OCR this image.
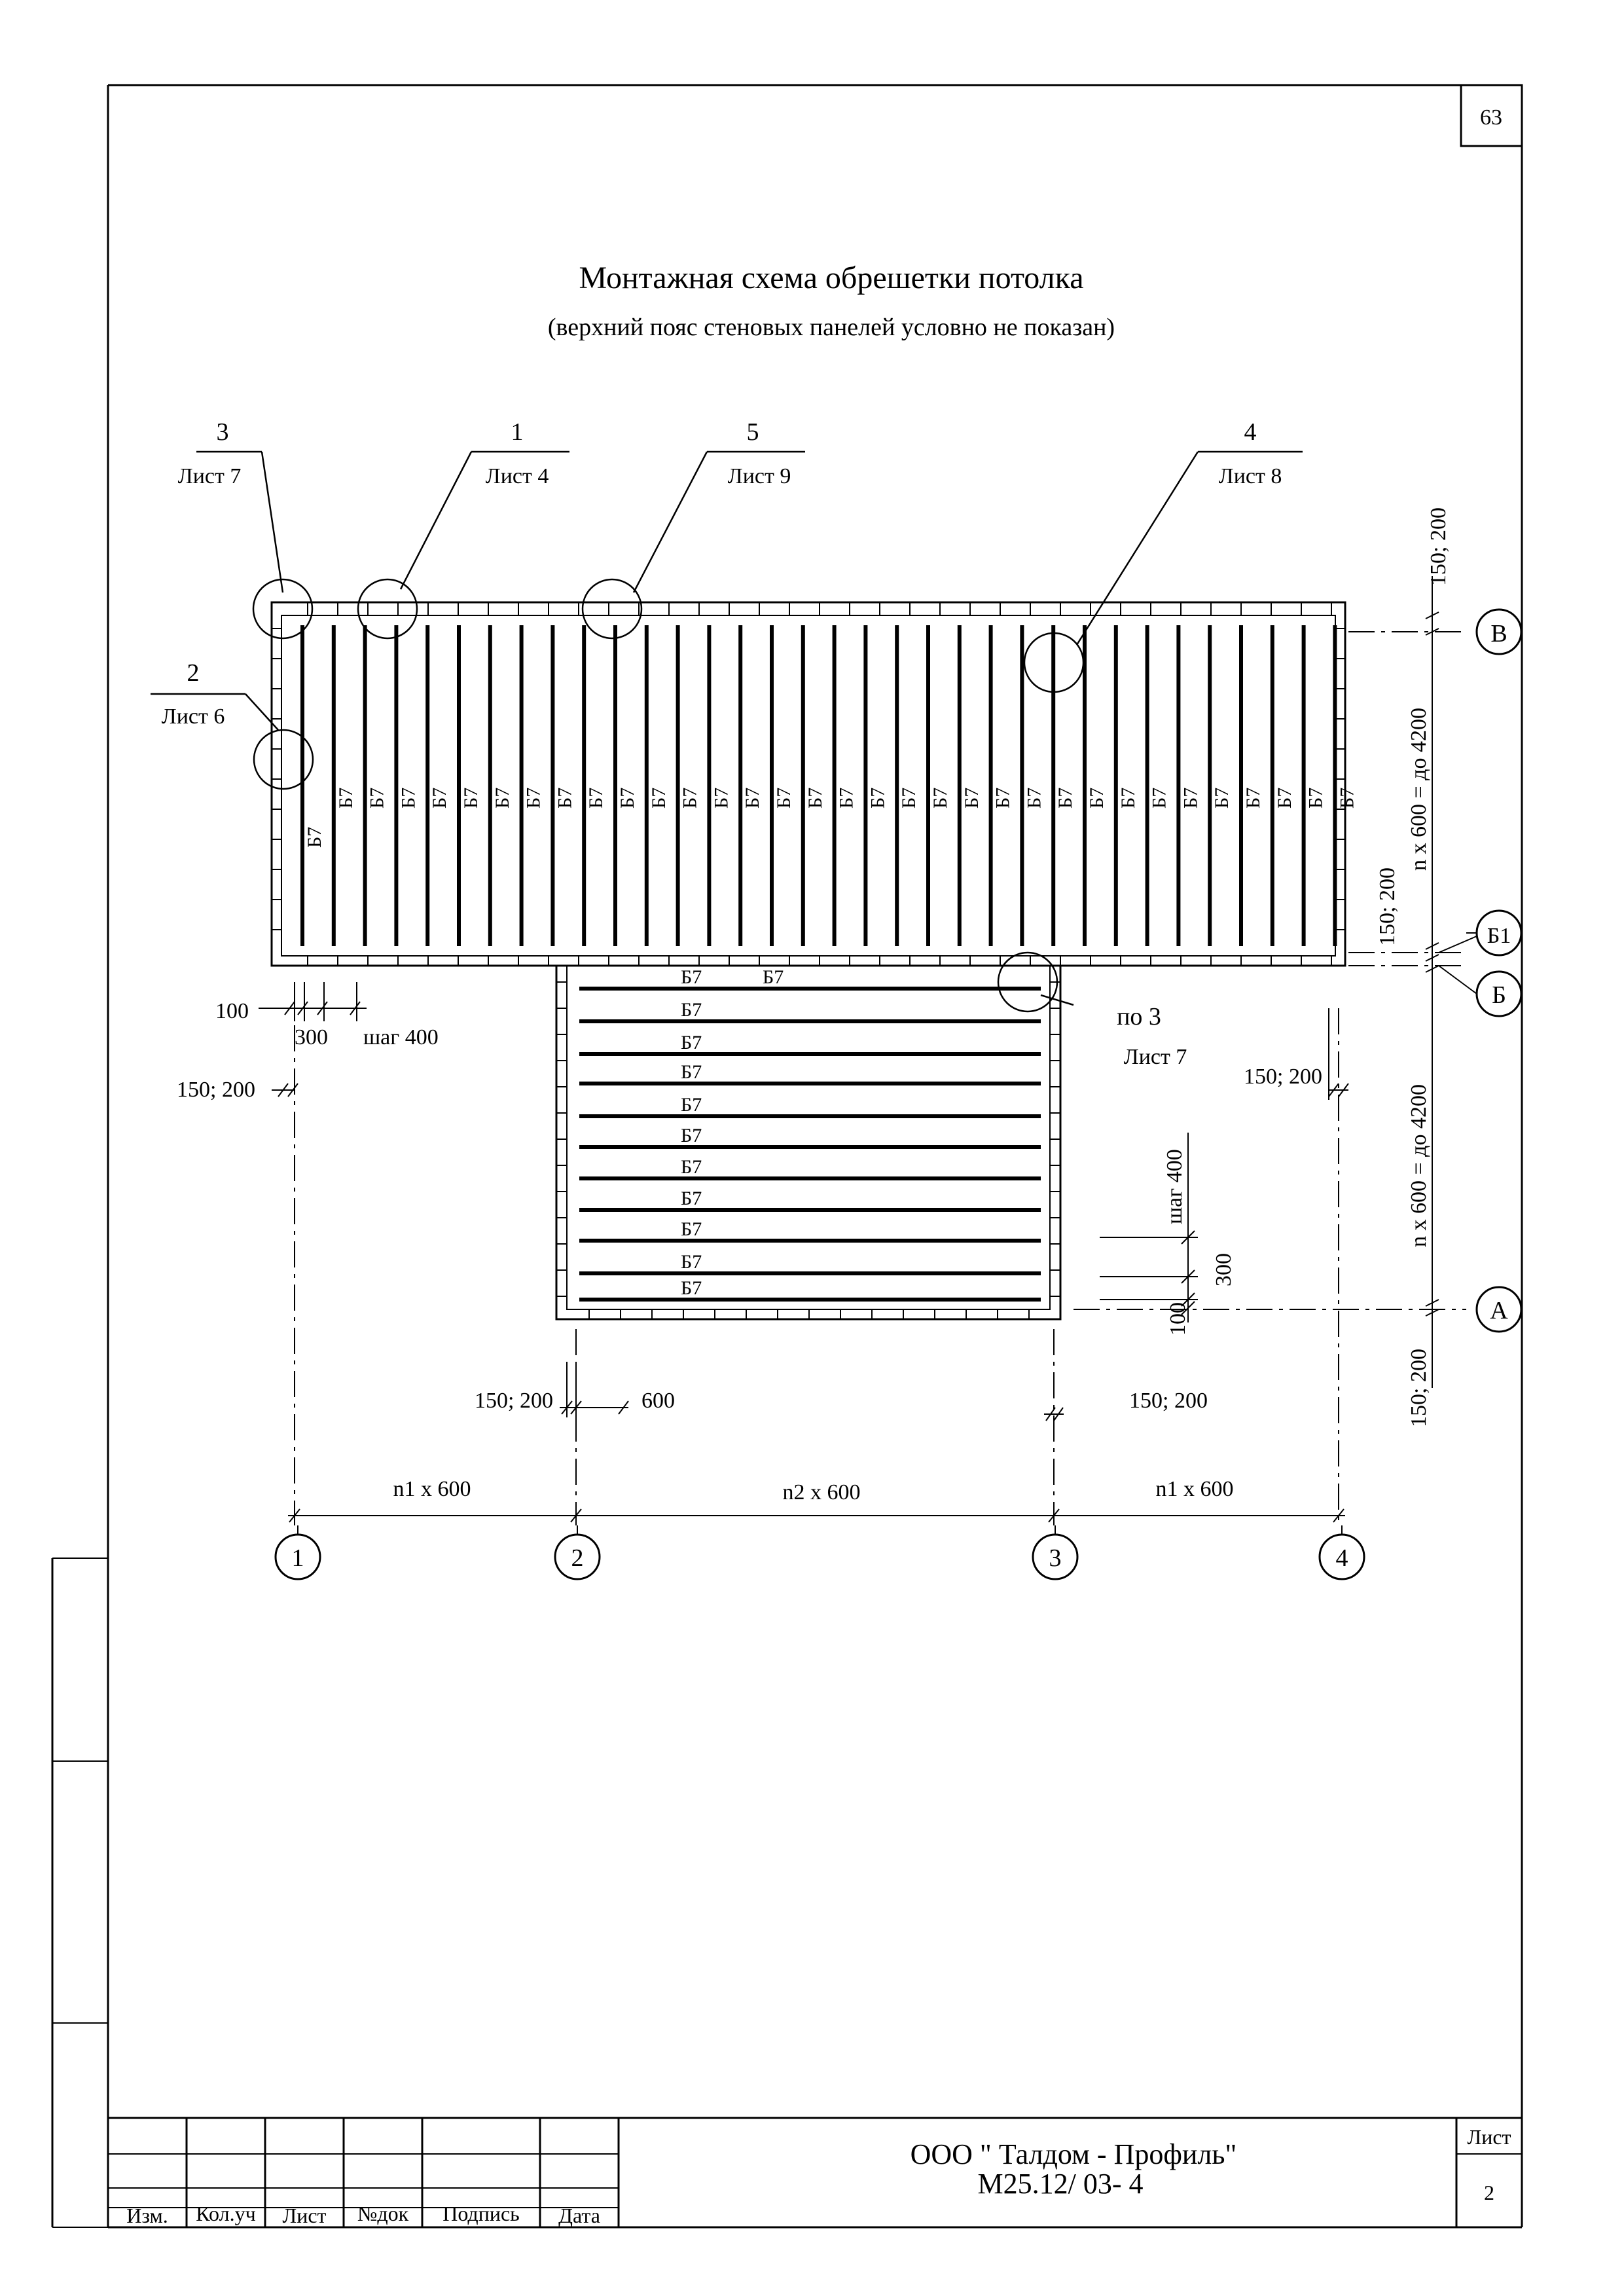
63
Монтажная схема обрешетки потолка
(верхний пояс стеновых панелей условно не показан)
3
Лист 7
1
Лист 4
5
Лист 9
4
Лист 8
2
Лист 6
по 3
Лист 7
Б7
Б7 Б7 Б7 Б7 Б7 Б7 Б7 Б7 Б7 Б7 Б7 Б7 Б7 Б7 Б7 Б7 Б7 Б7 Б7 Б7 Б7 Б7 Б7 Б7 Б7 Б7 Б7 Б7 Б7 Б7 Б7 Б7 Б7
Б7
Б7
Б7
Б7
Б7
Б7
Б7
Б7
Б7
Б7
Б7
Б7
В
Б1
Б
А
1	2	3	4
150; 200
n x 600 = до 4200
150; 200
n x 600 = до 4200
150; 200
100
300 шаг 400
150; 200
150; 200
шаг 400
300
100
150; 200	600	150; 200
n1 x 600	n2 x 600	n1 x 600
Изм. Кол.уч Лист №док Подпись Дата
ООО " Талдом - Профиль"
М25.12/ 03- 4
Лист
2
